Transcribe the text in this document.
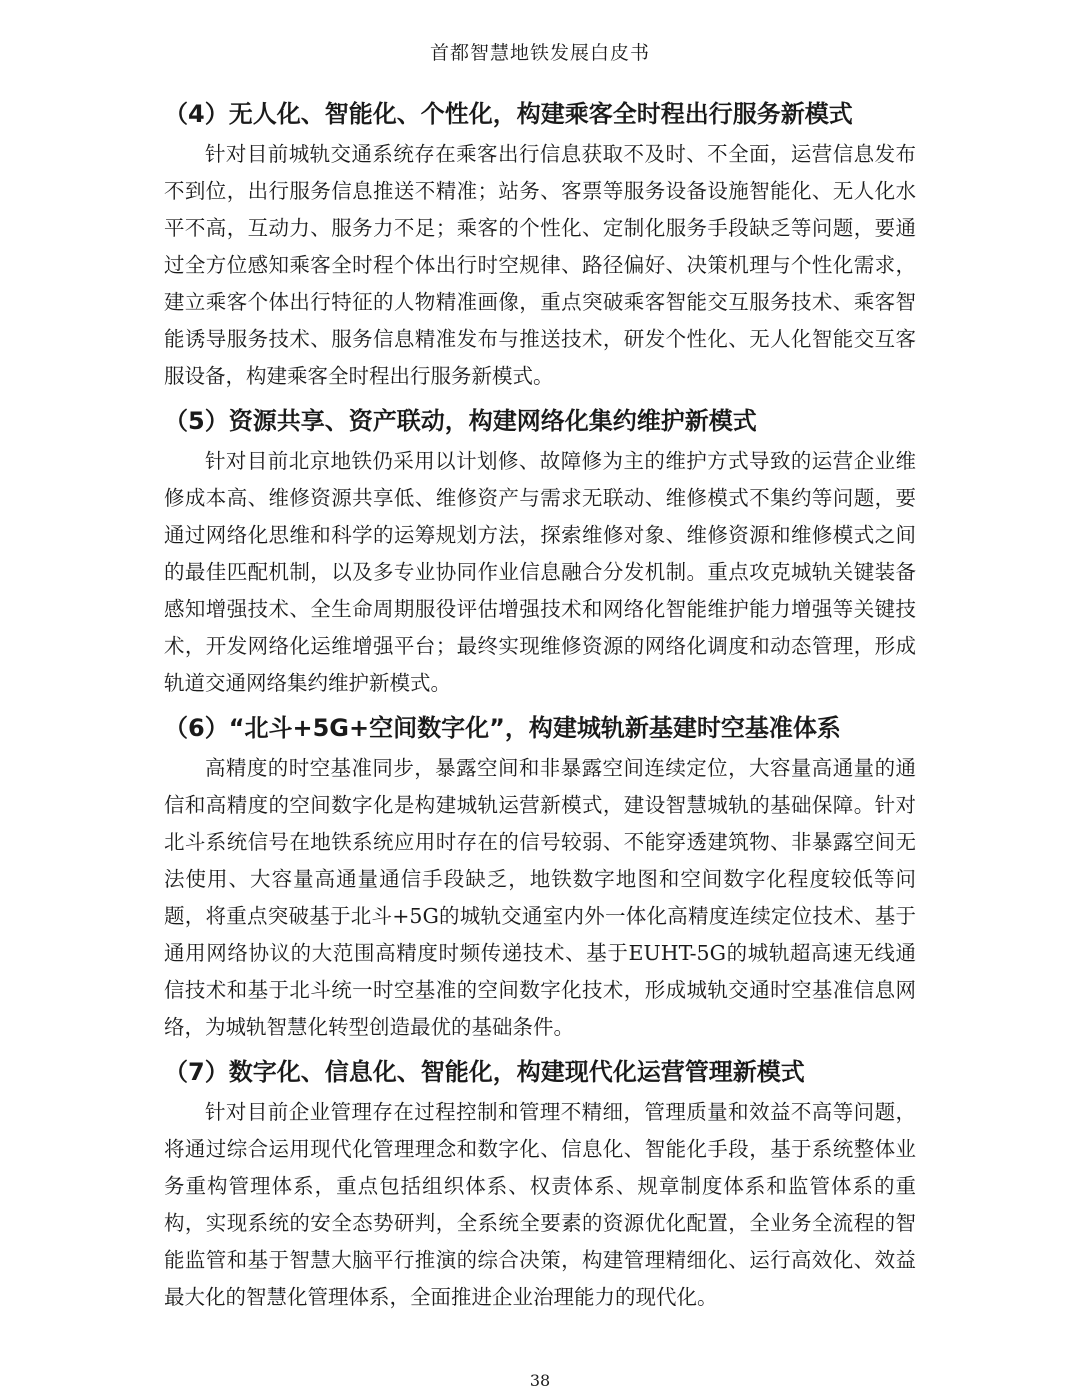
首都智慧地铁发展白皮书
（4）无人化、智能化、个性化，构建乘客全时程出行服务新模式

针对目前城轨交通系统存在乘客出行信息获取不及时、不全面，运营信息发布不到位，出行服务信息推送不精准；站务、客票等服务设备设施智能化、无人化水平不高，互动力、服务力不足；乘客的个性化、定制化服务手段缺乏等问题，要通过全方位感知乘客全时程个体出行时空规律、路径偏好、决策机理与个性化需求，建立乘客个体出行特征的人物精准画像，重点突破乘客智能交互服务技术、乘客智能诱导服务技术、服务信息精准发布与推送技术，研发个性化、无人化智能交互客服设备，构建乘客全时程出行服务新模式。

（5）资源共享、资产联动，构建网络化集约维护新模式

针对目前北京地铁仍采用以计划修、故障修为主的维护方式导致的运营企业维修成本高、维修资源共享低、维修资产与需求无联动、维修模式不集约等问题，要通过网络化思维和科学的运筹规划方法，探索维修对象、维修资源和维修模式之间的最佳匹配机制，以及多专业协同作业信息融合分发机制。重点攻克城轨关键装备感知增强技术、全生命周期服役评估增强技术和网络化智能维护能力增强等关键技术，开发网络化运维增强平台；最终实现维修资源的网络化调度和动态管理，形成轨道交通网络集约维护新模式。

（6）“北斗+5G+空间数字化”，构建城轨新基建时空基准体系

高精度的时空基准同步，暴露空间和非暴露空间连续定位，大容量高通量的通信和高精度的空间数字化是构建城轨运营新模式，建设智慧城轨的基础保障。针对北斗系统信号在地铁系统应用时存在的信号较弱、不能穿透建筑物、非暴露空间无法使用、大容量高通量通信手段缺乏，地铁数字地图和空间数字化程度较低等问题，将重点突破基于北斗+5G的城轨交通室内外一体化高精度连续定位技术、基于通用网络协议的大范围高精度时频传递技术、基于EUHT-5G的城轨超高速无线通信技术和基于北斗统一时空基准的空间数字化技术，形成城轨交通时空基准信息网络，为城轨智慧化转型创造最优的基础条件。

（7）数字化、信息化、智能化，构建现代化运营管理新模式

针对目前企业管理存在过程控制和管理不精细，管理质量和效益不高等问题，将通过综合运用现代化管理理念和数字化、信息化、智能化手段，基于系统整体业务重构管理体系，重点包括组织体系、权责体系、规章制度体系和监管体系的重构，实现系统的安全态势研判，全系统全要素的资源优化配置，全业务全流程的智能监管和基于智慧大脑平行推演的综合决策，构建管理精细化、运行高效化、效益最大化的智慧化管理体系，全面推进企业治理能力的现代化。

38
